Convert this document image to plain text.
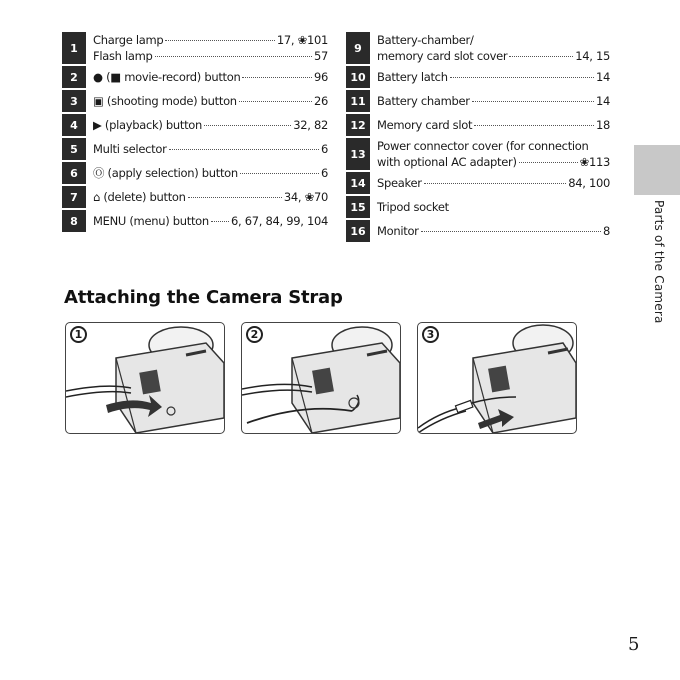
1
Charge lamp	17, ❀101
Flash lamp	57
2	● (■ movie-record) button	96
3	▣ (shooting mode) button	26
4	▶ (playback) button	32, 82
5	Multi selector	6
6	Ⓞ (apply selection) button	6
7	⌂ (delete) button	34, ❀70
8	MENU (menu) button 6, 67, 84, 99, 104
9
Battery-chamber/
memory card slot cover	14, 15
10 Battery latch	14
11 Battery chamber	14
12 Memory card slot	18
13
Power connector cover (for connection
with optional AC adapter)	❀113
14 Speaker	84, 100
15 Tripod socket
16 Monitor	8	Parts of the Camera
Attaching the Camera Strap
1	2	3
5
